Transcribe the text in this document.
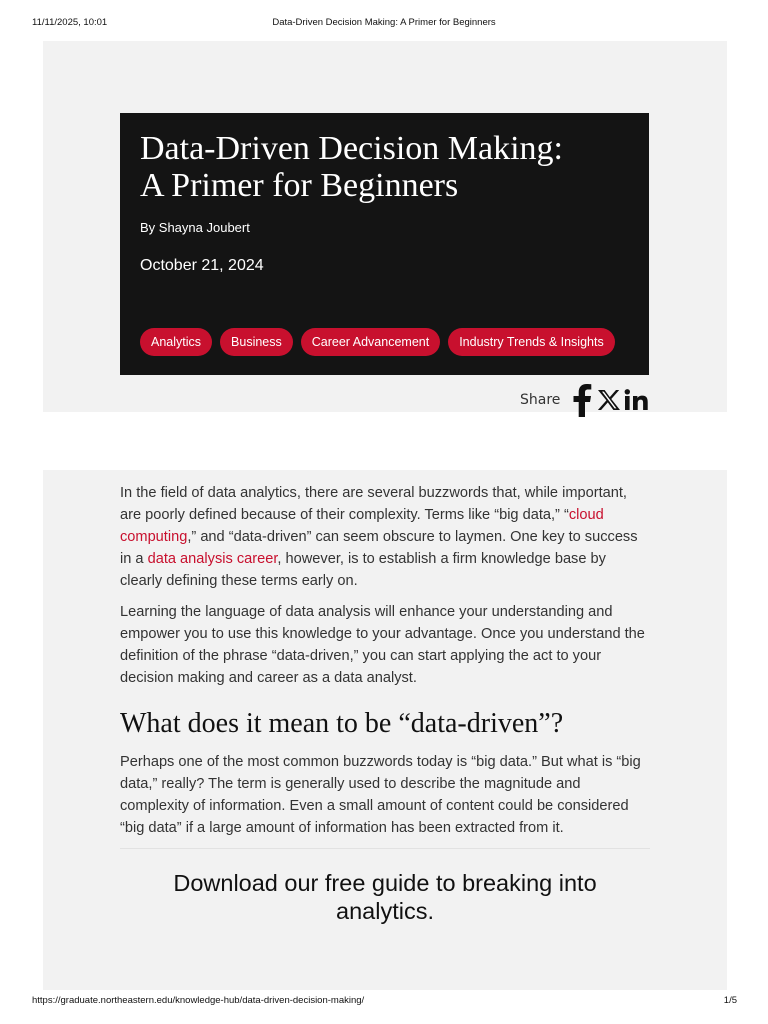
11/11/2025, 10:01	Data-Driven Decision Making: A Primer for Beginners
Data-Driven Decision Making:
A Primer for Beginners
By Shayna Joubert
October 21, 2024
Analytics	Business	Career Advancement	Industry Trends & Insights
Share

In the field of data analytics, there are several buzzwords that, while important, are poorly defined because of their complexity. Terms like “big data,” “cloud computing,” and “data-driven” can seem obscure to laymen. One key to success in a data analysis career, however, is to establish a firm knowledge base by clearly defining these terms early on.

Learning the language of data analysis will enhance your understanding and empower you to use this knowledge to your advantage. Once you understand the definition of the phrase “data-driven,” you can start applying the act to your decision making and career as a data analyst.

What does it mean to be “data-driven”?

Perhaps one of the most common buzzwords today is “big data.” But what is “big data,” really? The term is generally used to describe the magnitude and complexity of information. Even a small amount of content could be considered “big data” if a large amount of information has been extracted from it.

Download our free guide to breaking into analytics.
https://graduate.northeastern.edu/knowledge-hub/data-driven-decision-making/	1/5
